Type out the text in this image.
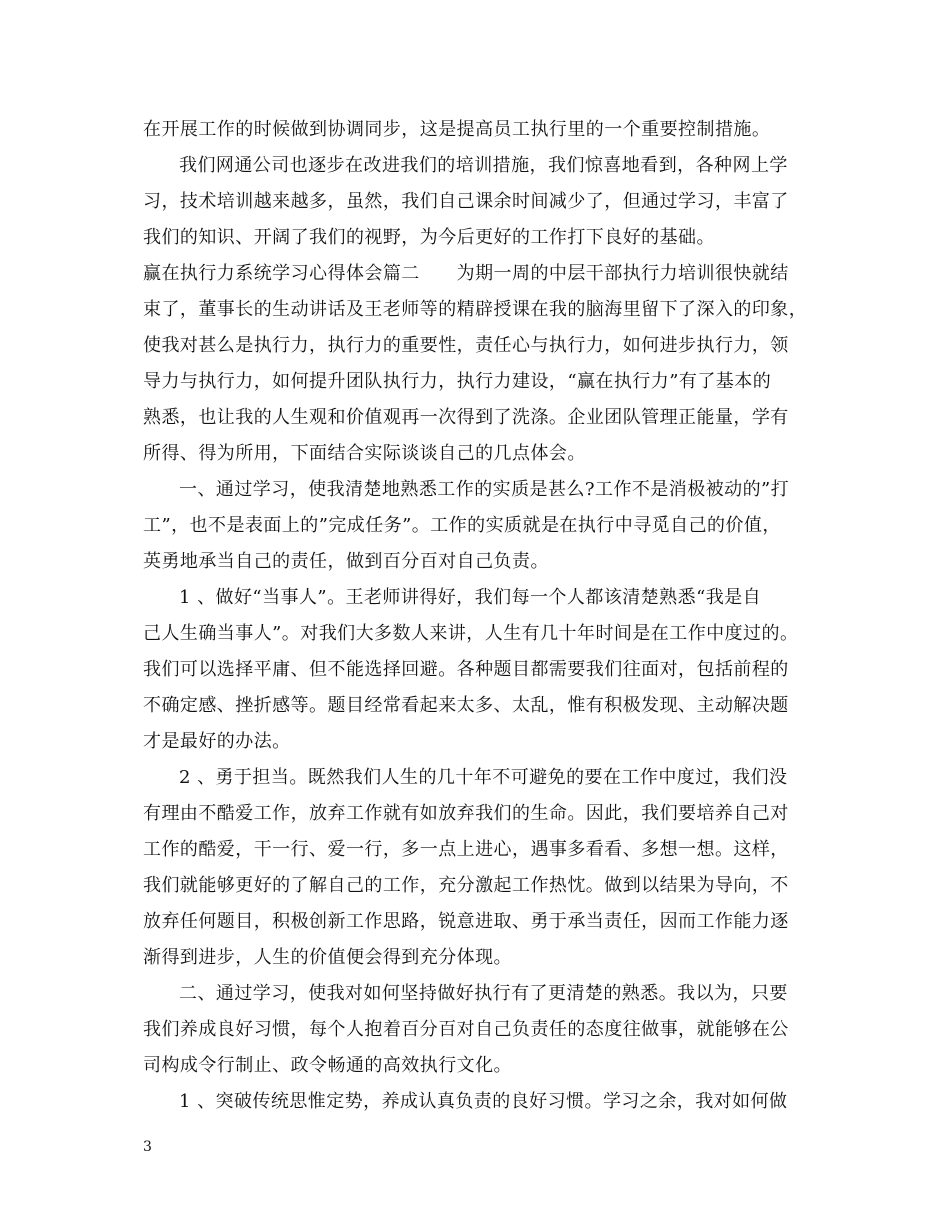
在开展工作的时候做到协调同步，这是提高员工执行里的一个重要控制措施。
我们网通公司也逐步在改进我们的培训措施，我们惊喜地看到，各种网上学
习，技术培训越来越多，虽然，我们自己课余时间减少了，但通过学习，丰富了
我们的知识、开阔了我们的视野，为今后更好的工作打下良好的基础。
赢在执行力系统学习心得体会篇二　　为期一周的中层干部执行力培训很快就结
束了，董事长的生动讲话及王老师等的精辟授课在我的脑海里留下了深入的印象，
使我对甚么是执行力，执行力的重要性，责任心与执行力，如何进步执行力，领
导力与执行力，如何提升团队执行力，执行力建设，“赢在执行力”有了基本的
熟悉，也让我的人生观和价值观再一次得到了洗涤。企业团队管理正能量，学有
所得、得为所用，下面结合实际谈谈自己的几点体会。
一、通过学习，使我清楚地熟悉工作的实质是甚么?工作不是消极被动的”打
工”，也不是表面上的”完成任务”。工作的实质就是在执行中寻觅自己的价值，
英勇地承当自己的责任，做到百分百对自己负责。
1 、做好“当事人”。王老师讲得好，我们每一个人都该清楚熟悉“我是自
己人生确当事人”。对我们大多数人来讲，人生有几十年时间是在工作中度过的。
我们可以选择平庸、但不能选择回避。各种题目都需要我们往面对，包括前程的
不确定感、挫折感等。题目经常看起来太多、太乱，惟有积极发现、主动解决题
才是最好的办法。
2 、勇于担当。既然我们人生的几十年不可避免的要在工作中度过，我们没
有理由不酷爱工作，放弃工作就有如放弃我们的生命。因此，我们要培养自己对
工作的酷爱，干一行、爱一行，多一点上进心，遇事多看看、多想一想。这样，
我们就能够更好的了解自己的工作，充分激起工作热忱。做到以结果为导向，不
放弃任何题目，积极创新工作思路，锐意进取、勇于承当责任，因而工作能力逐
渐得到进步，人生的价值便会得到充分体现。
二、通过学习，使我对如何坚持做好执行有了更清楚的熟悉。我以为，只要
我们养成良好习惯，每个人抱着百分百对自己负责任的态度往做事，就能够在公
司构成令行制止、政令畅通的高效执行文化。
1 、突破传统思惟定势，养成认真负责的良好习惯。学习之余，我对如何做
3
